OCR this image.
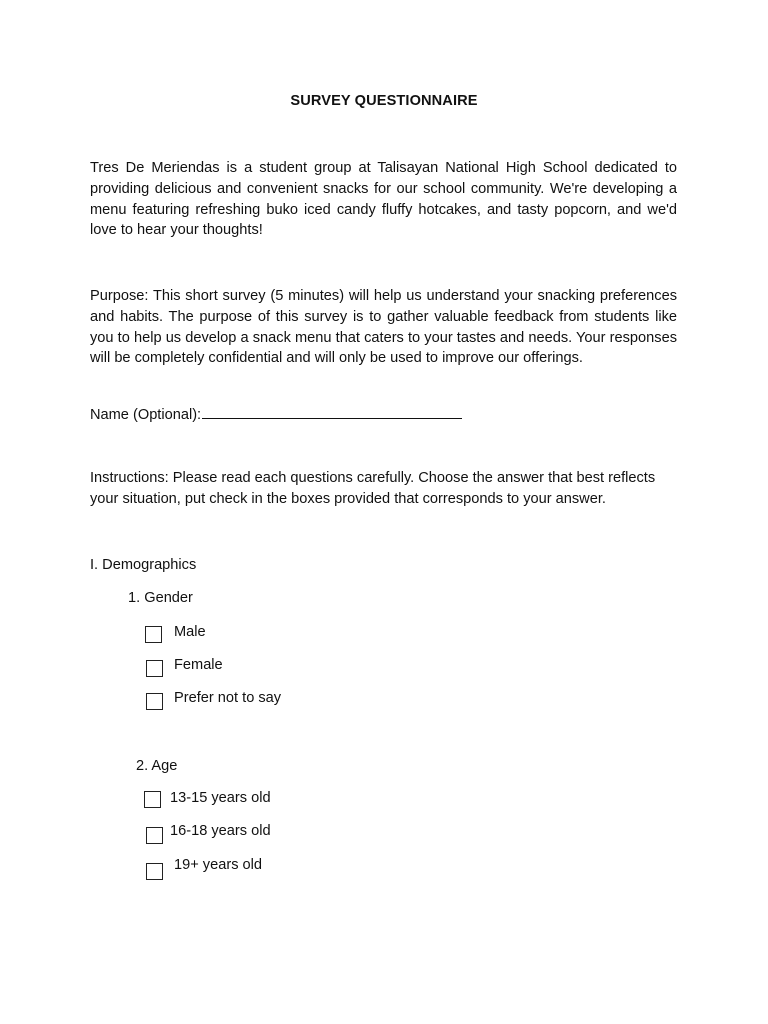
SURVEY QUESTIONNAIRE

Tres De Meriendas is a student group at Talisayan National High School dedicated to providing delicious and convenient snacks for our school community. We're developing a menu featuring refreshing buko iced candy fluffy hotcakes, and tasty popcorn, and we'd love to hear your thoughts!

Purpose: This short survey (5 minutes) will help us understand your snacking preferences and habits. The purpose of this survey is to gather valuable feedback from students like you to help us develop a snack menu that caters to your tastes and needs. Your responses will be completely confidential and will only be used to improve our offerings.

Name (Optional):

Instructions: Please read each questions carefully. Choose the answer that best reflects your situation, put check in the boxes provided that corresponds to your answer.

I. Demographics
1. Gender
Male
Female
Prefer not to say
2. Age
13-15 years old
16-18 years old
19+ years old
